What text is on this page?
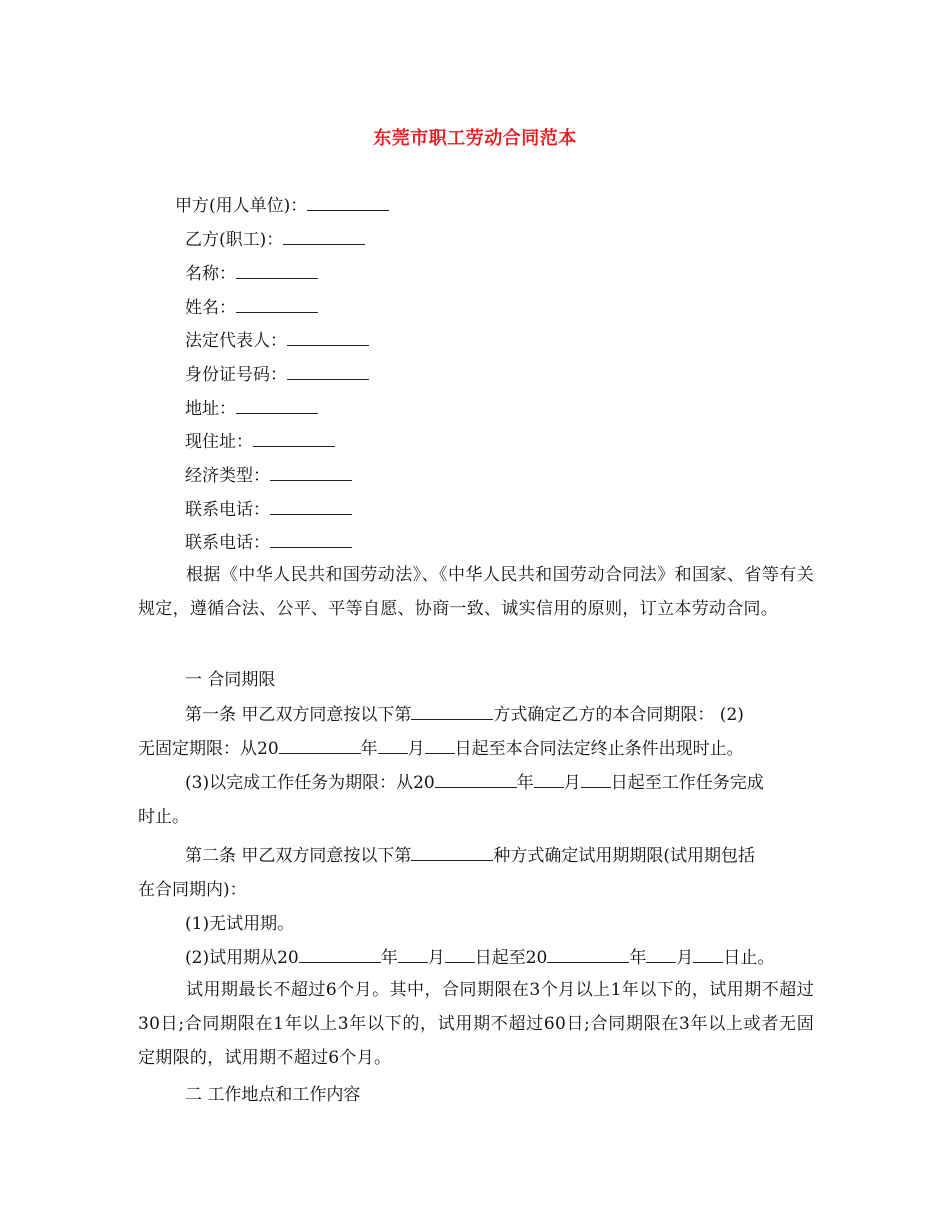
东莞市职工劳动合同范本
甲方(用人单位)：
乙方(职工)：
名称：
姓名：
法定代表人：
身份证号码：
地址：
现住址：
经济类型：
联系电话：
联系电话：
根据《中华人民共和国劳动法》、《中华人民共和国劳动合同法》和国家、省等有关规定，遵循合法、公平、平等自愿、协商一致、诚实信用的原则，订立本劳动合同。
一 合同期限
第一条 甲乙双方同意按以下第	方式确定乙方的本合同期限： (2)
无固定期限：从20	年 月 日起至本合同法定终止条件出现时止。
(3)以完成工作任务为期限：从20	年 月 日起至工作任务完成
时止。
第二条 甲乙双方同意按以下第	种方式确定试用期期限(试用期包括
在合同期内)：
(1)无试用期。
(2)试用期从20	年 月 日起至20	年 月 日止。
试用期最长不超过6个月。其中，合同期限在3个月以上1年以下的，试用期不超过30日;合同期限在1年以上3年以下的，试用期不超过60日;合同期限在3年以上或者无固定期限的，试用期不超过6个月。
二 工作地点和工作内容
